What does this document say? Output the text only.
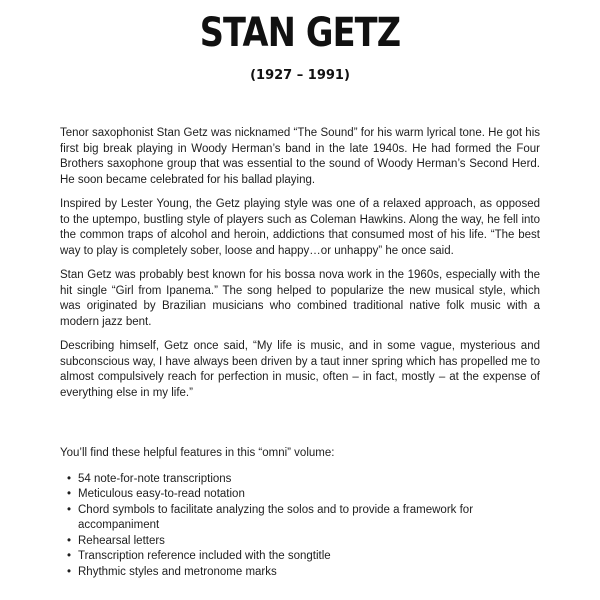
STAN GETZ
(1927 – 1991)

Tenor saxophonist Stan Getz was nicknamed “The Sound” for his warm lyrical tone. He got his first big break playing in Woody Herman’s band in the late 1940s. He had formed the Four Brothers saxophone group that was essential to the sound of Woody Herman’s Second Herd. He soon became celebrated for his ballad playing.

Inspired by Lester Young, the Getz playing style was one of a relaxed approach, as opposed to the uptempo, bustling style of players such as Coleman Hawkins. Along the way, he fell into the common traps of alcohol and heroin, addictions that consumed most of his life. “The best way to play is completely sober, loose and happy…or unhappy” he once said.

Stan Getz was probably best known for his bossa nova work in the 1960s, especially with the hit single “Girl from Ipanema.” The song helped to popularize the new musical style, which was originated by Brazilian musicians who combined traditional native folk music with a modern jazz bent.

Describing himself, Getz once said, “My life is music, and in some vague, mysterious and subconscious way, I have always been driven by a taut inner spring which has propelled me to almost compulsively reach for perfection in music, often – in fact, mostly – at the expense of everything else in my life.”

You’ll find these helpful features in this “omni” volume:

• 54 note-for-note transcriptions
• Meticulous easy-to-read notation
• Chord symbols to facilitate analyzing the solos and to provide a framework for accompaniment
• Rehearsal letters
• Transcription reference included with the songtitle
• Rhythmic styles and metronome marks
